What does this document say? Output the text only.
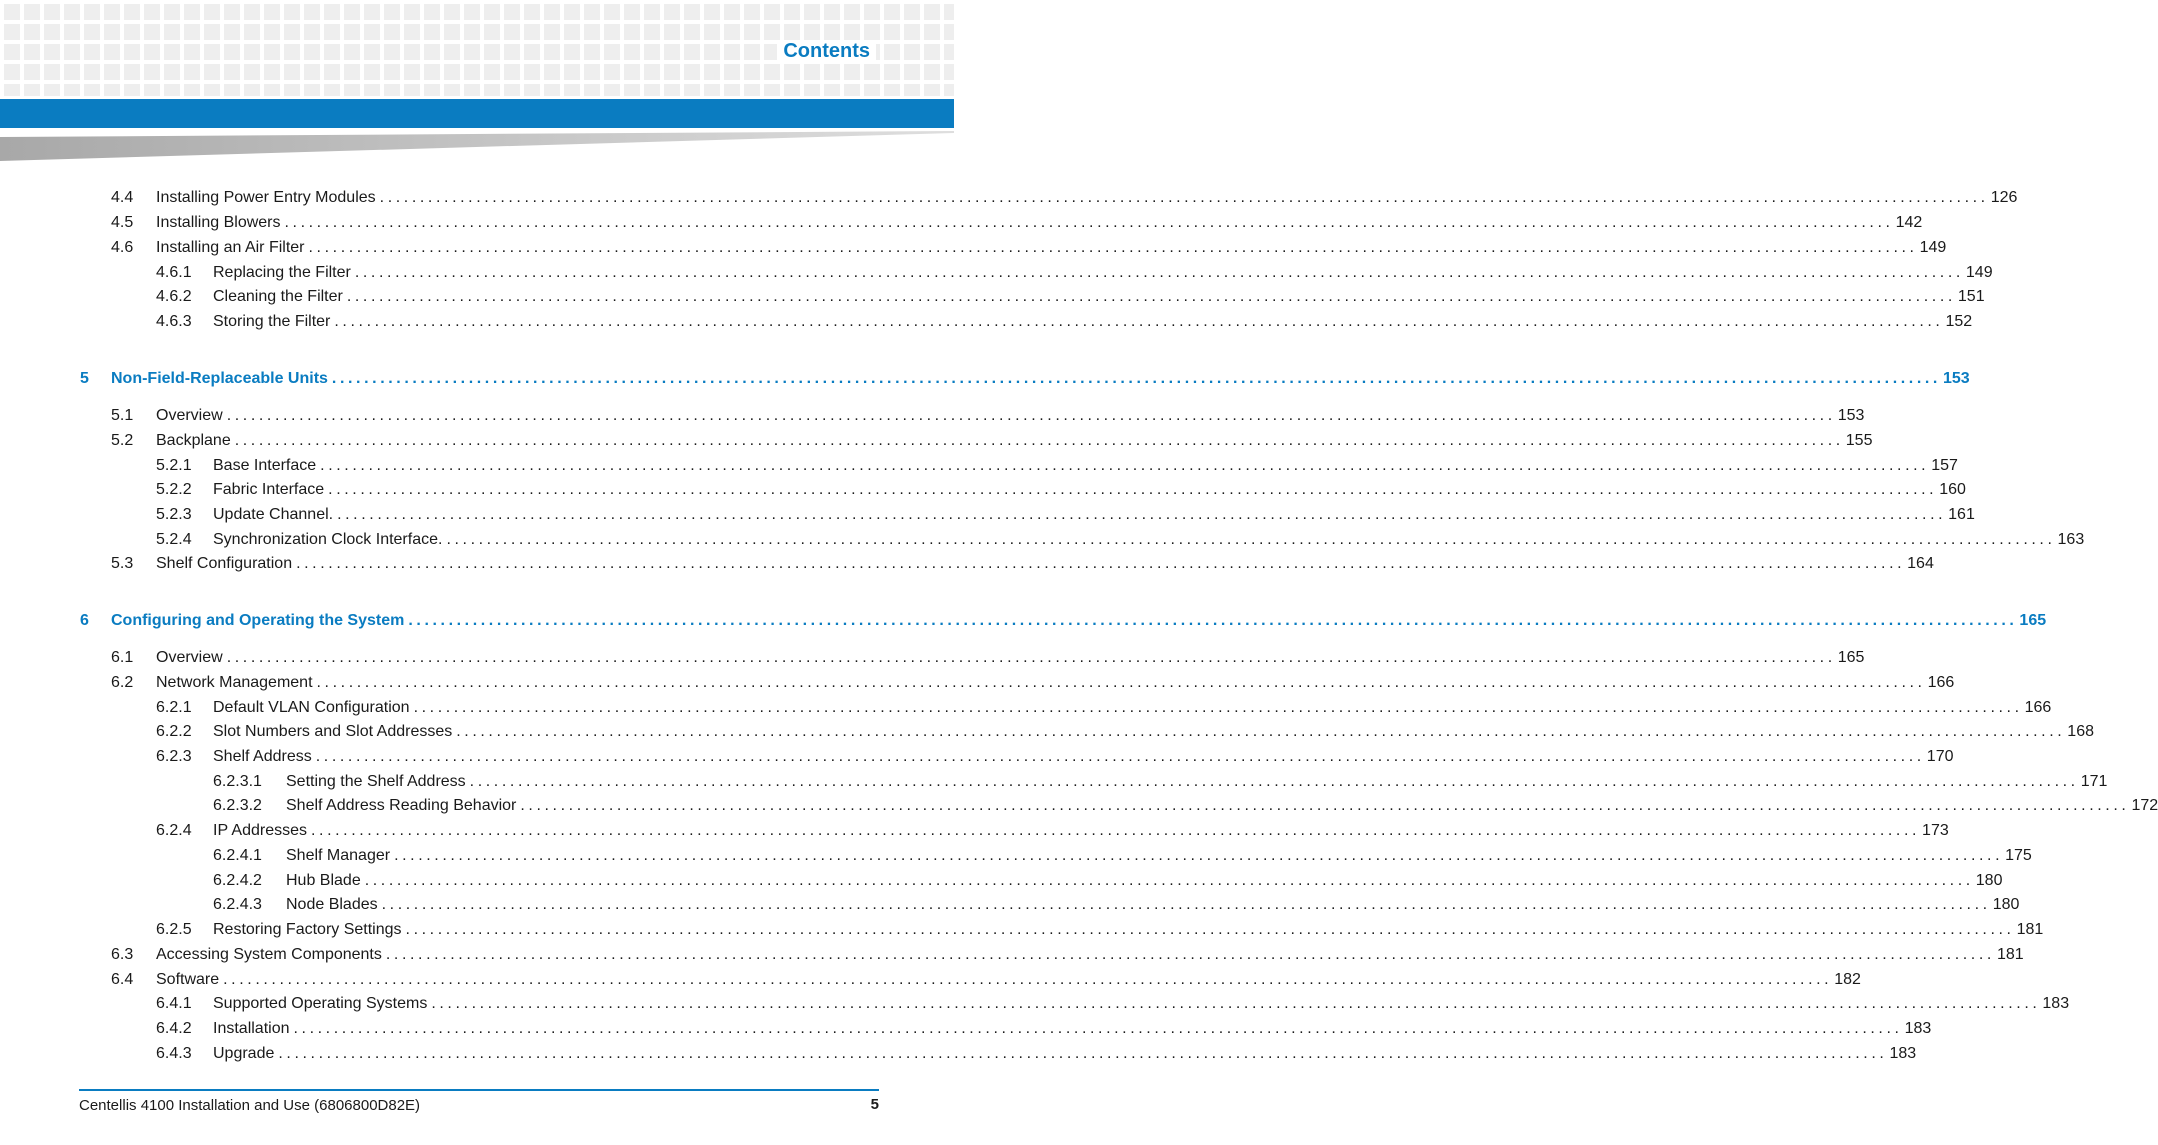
Contents
4.4 Installing Power Entry Modules ........................................................................................................................................................................................................ 126
4.5 Installing Blowers ........................................................................................................................................................................................................ 142
4.6 Installing an Air Filter ........................................................................................................................................................................................................ 149
4.6.1 Replacing the Filter ........................................................................................................................................................................................................ 149
4.6.2 Cleaning the Filter ........................................................................................................................................................................................................ 151
4.6.3 Storing the Filter ........................................................................................................................................................................................................ 152
5 Non-Field-Replaceable Units ........................................................................................................................................................................................................ 153
5.1 Overview ........................................................................................................................................................................................................ 153
5.2 Backplane ........................................................................................................................................................................................................ 155
5.2.1 Base Interface ........................................................................................................................................................................................................ 157
5.2.2 Fabric Interface ........................................................................................................................................................................................................ 160
5.2.3 Update Channel. ........................................................................................................................................................................................................ 161
5.2.4 Synchronization Clock Interface. ........................................................................................................................................................................................................ 163
5.3 Shelf Configuration ........................................................................................................................................................................................................ 164
6 Configuring and Operating the System ........................................................................................................................................................................................................ 165
6.1 Overview ........................................................................................................................................................................................................ 165
6.2 Network Management ........................................................................................................................................................................................................ 166
6.2.1 Default VLAN Configuration ........................................................................................................................................................................................................ 166
6.2.2 Slot Numbers and Slot Addresses ........................................................................................................................................................................................................ 168
6.2.3 Shelf Address ........................................................................................................................................................................................................ 170
6.2.3.1 Setting the Shelf Address ........................................................................................................................................................................................................ 171
6.2.3.2 Shelf Address Reading Behavior ........................................................................................................................................................................................................ 172
6.2.4 IP Addresses ........................................................................................................................................................................................................ 173
6.2.4.1 Shelf Manager ........................................................................................................................................................................................................ 175
6.2.4.2 Hub Blade ........................................................................................................................................................................................................ 180
6.2.4.3 Node Blades ........................................................................................................................................................................................................ 180
6.2.5 Restoring Factory Settings ........................................................................................................................................................................................................ 181
6.3 Accessing System Components ........................................................................................................................................................................................................ 181
6.4 Software ........................................................................................................................................................................................................ 182
6.4.1 Supported Operating Systems ........................................................................................................................................................................................................ 183
6.4.2 Installation ........................................................................................................................................................................................................ 183
6.4.3 Upgrade ........................................................................................................................................................................................................ 183
Centellis 4100 Installation and Use (6806800D82E)	5
